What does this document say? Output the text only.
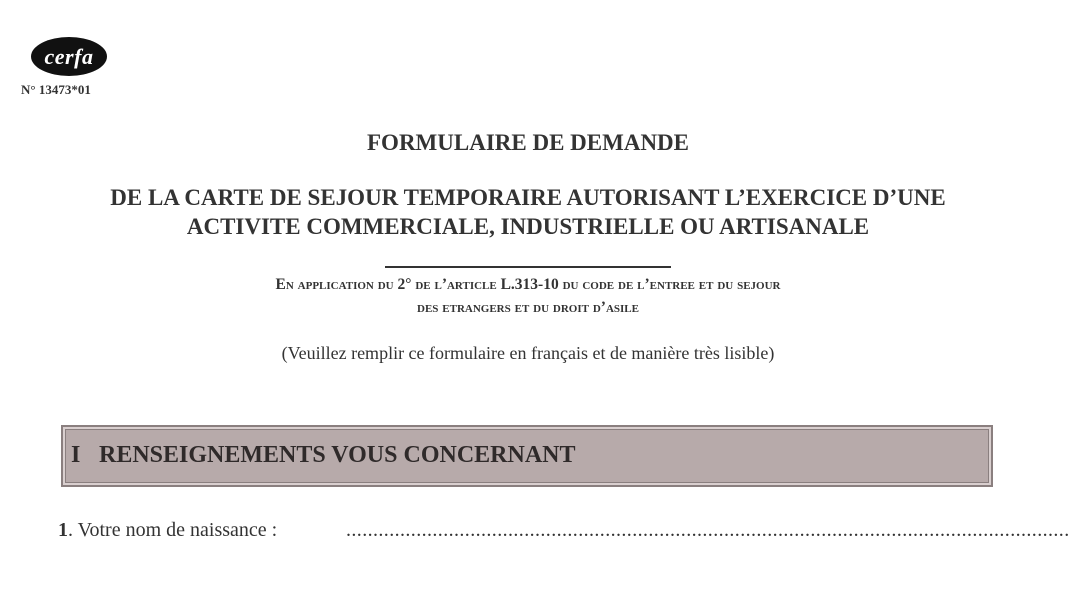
cerfa
N° 13473*01
FORMULAIRE DE DEMANDE
DE LA CARTE DE SEJOUR TEMPORAIRE AUTORISANT L’EXERCICE D’UNE
ACTIVITE COMMERCIALE, INDUSTRIELLE OU ARTISANALE
En application du 2° de l’article L.313-10 du code de l’entree et du sejour
des etrangers et du droit d’asile
(Veuillez remplir ce formulaire en français et de manière très lisible)
I RENSEIGNEMENTS VOUS CONCERNANT
1. Votre nom de naissance :	......................................................................................................................................
